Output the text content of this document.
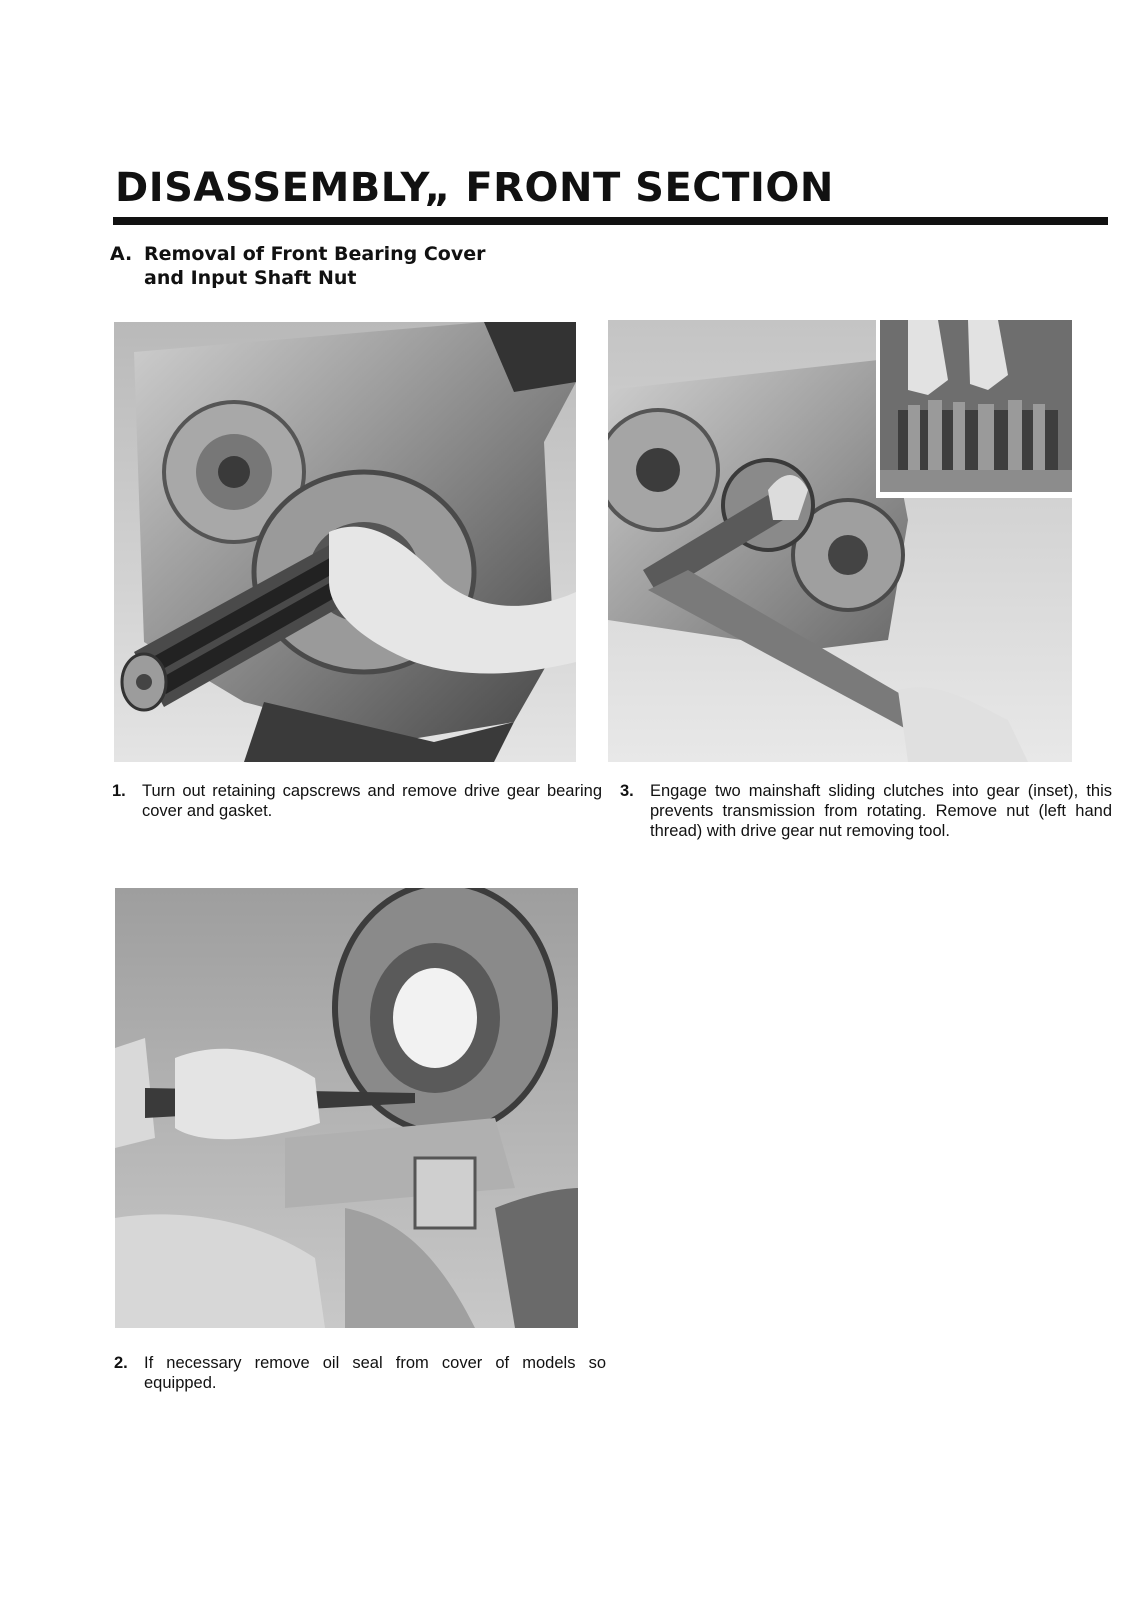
DISASSEMBLY„ FRONT SECTION
A. Removal of Front Bearing Cover
and Input Shaft Nut

1. Turn out retaining capscrews and remove drive gear bearing cover and gasket.

3. Engage two mainshaft sliding clutches into gear (inset), this prevents transmission from rotating. Remove nut (left hand thread) with drive gear nut removing tool.

2. If necessary remove oil seal from cover of models so equipped.
